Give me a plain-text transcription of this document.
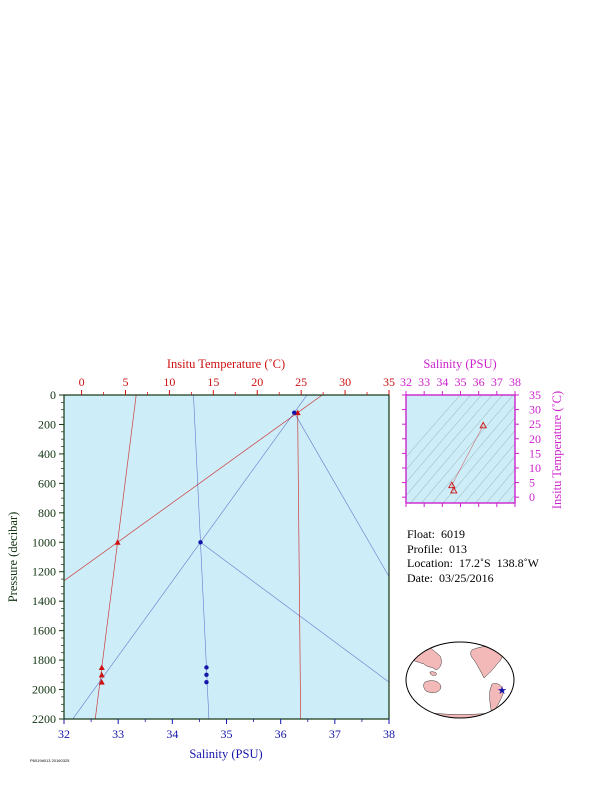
0	5	10	15	20	25	30	35
32	33	34	35	36	37	38
0
200
400
600
800
1000
1200
1400
1600
1800
2000
2200
Insitu Temperature (˚C)
Salinity (PSU)
Pressure (decibar)
32 33 34 35 36 37 38
0
5
10
15
20
25
30
35
Salinity (PSU)
Insitu Temperature (˚C)
★
Float:  6019
Profile:  013
Location:  17.2˚S  138.8˚W
Date:  03/25/2016
P6019#013 20160325
